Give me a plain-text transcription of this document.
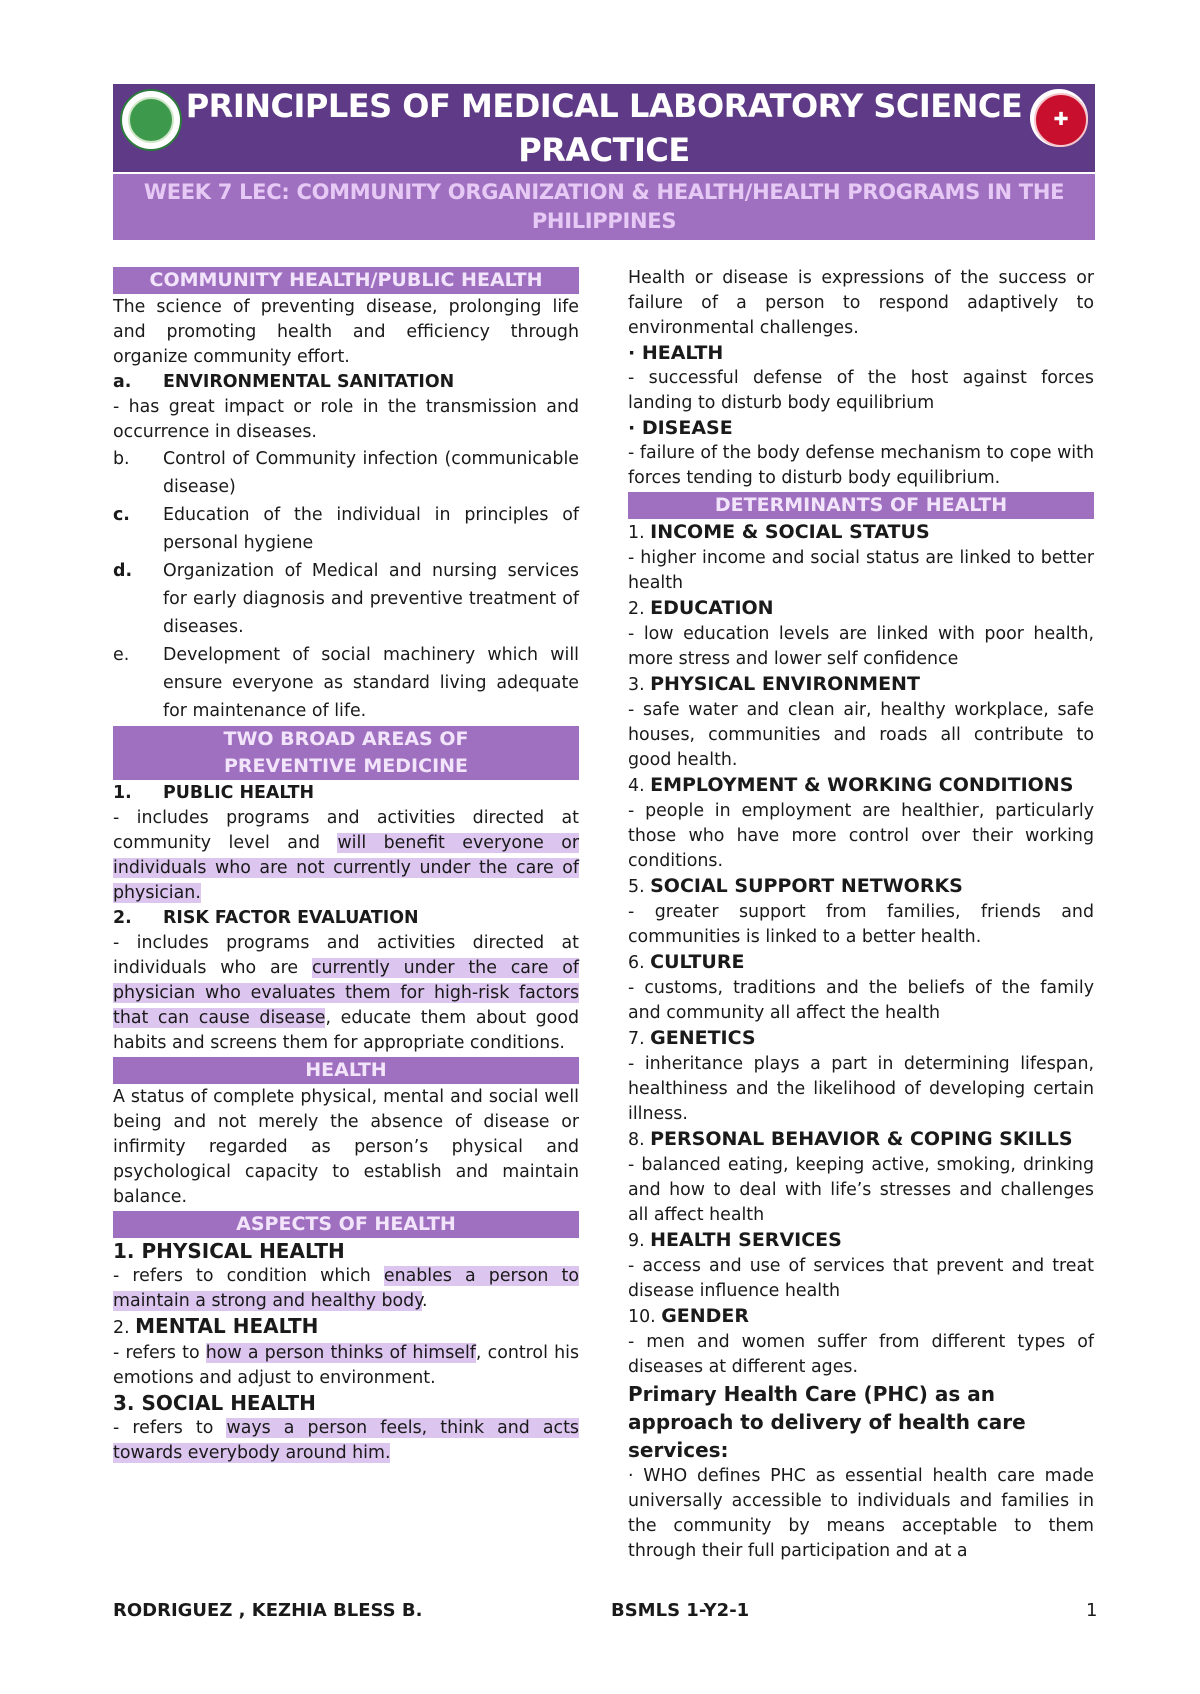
PRINCIPLES OF MEDICAL LABORATORY SCIENCE
PRACTICE
✚
WEEK 7 LEC: COMMUNITY ORGANIZATION & HEALTH/HEALTH PROGRAMS IN THE
PHILIPPINES
COMMUNITY HEALTH/PUBLIC HEALTH

The science of preventing disease, prolonging life and promoting health and efficiency through organize community effort.

a.	ENVIRONMENTAL SANITATION

- has great impact or role in the transmission and occurrence in diseases.

b.	Control of Community infection (communicable disease)
c.	Education of the individual in principles of personal hygiene
d.	Organization of Medical and nursing services for early diagnosis and preventive treatment of diseases.
e.	Development of social machinery which will ensure everyone as standard living adequate for maintenance of life.
TWO BROAD AREAS OF
PREVENTIVE MEDICINE
1.	PUBLIC HEALTH

- includes programs and activities directed at community level and will benefit everyone or individuals who are not currently under the care of physician.

2.	RISK FACTOR EVALUATION

- includes programs and activities directed at individuals who are currently under the care of physician who evaluates them for high-risk factors that can cause disease, educate them about good habits and screens them for appropriate conditions.

HEALTH

A status of complete physical, mental and social well being and not merely the absence of disease or infirmity regarded as person’s physical and psychological capacity to establish and maintain balance.

ASPECTS OF HEALTH
1. PHYSICAL HEALTH

- refers to condition which enables a person to maintain a strong and healthy body.

2. MENTAL HEALTH

- refers to how a person thinks of himself, control his emotions and adjust to environment.

3. SOCIAL HEALTH

- refers to ways a person feels, think and acts towards everybody around him.

Health or disease is expressions of the success or failure of a person to respond adaptively to environmental challenges.

· HEALTH

- successful defense of the host against forces landing to disturb body equilibrium

· DISEASE

- failure of the body defense mechanism to cope with forces tending to disturb body equilibrium.

DETERMINANTS OF HEALTH
1. INCOME & SOCIAL STATUS

- higher income and social status are linked to better health

2. EDUCATION

- low education levels are linked with poor health, more stress and lower self confidence

3. PHYSICAL ENVIRONMENT

- safe water and clean air, healthy workplace, safe houses, communities and roads all contribute to good health.

4. EMPLOYMENT & WORKING CONDITIONS

- people in employment are healthier, particularly those who have more control over their working conditions.

5. SOCIAL SUPPORT NETWORKS

- greater support from families, friends and communities is linked to a better health.

6. CULTURE

- customs, traditions and the beliefs of the family and community all affect the health

7. GENETICS

- inheritance plays a part in determining lifespan, healthiness and the likelihood of developing certain illness.

8. PERSONAL BEHAVIOR & COPING SKILLS

- balanced eating, keeping active, smoking, drinking and how to deal with life’s stresses and challenges all affect health

9. HEALTH SERVICES

- access and use of services that prevent and treat disease influence health

10. GENDER

- men and women suffer from different types of diseases at different ages.

Primary Health Care (PHC) as an approach to delivery of health care services:

· WHO defines PHC as essential health care made universally accessible to individuals and families in the community by means acceptable to them through their full participation and at a

RODRIGUEZ , KEZHIA BLESS B.	BSMLS 1-Y2-1	1
